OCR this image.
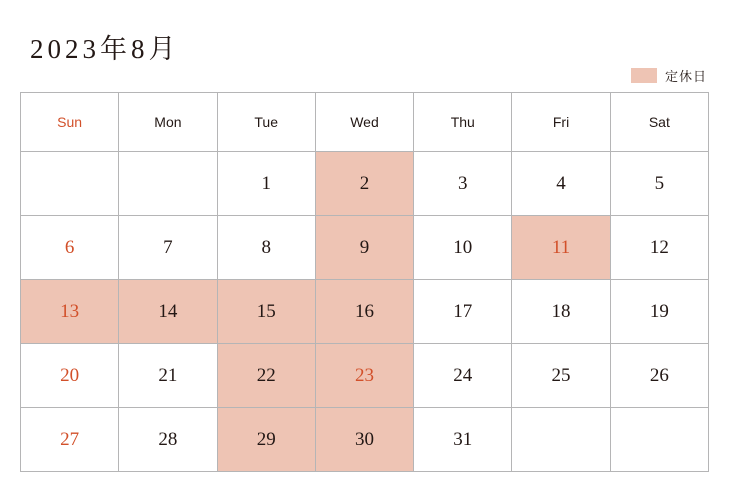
2023年8月
定休日
Sun	Mon	Tue	Wed	Thu	Fri	Sat
		1	2	3	4	5
6	7	8	9	10	11	12
13	14	15	16	17	18	19
20	21	22	23	24	25	26
27	28	29	30	31		
